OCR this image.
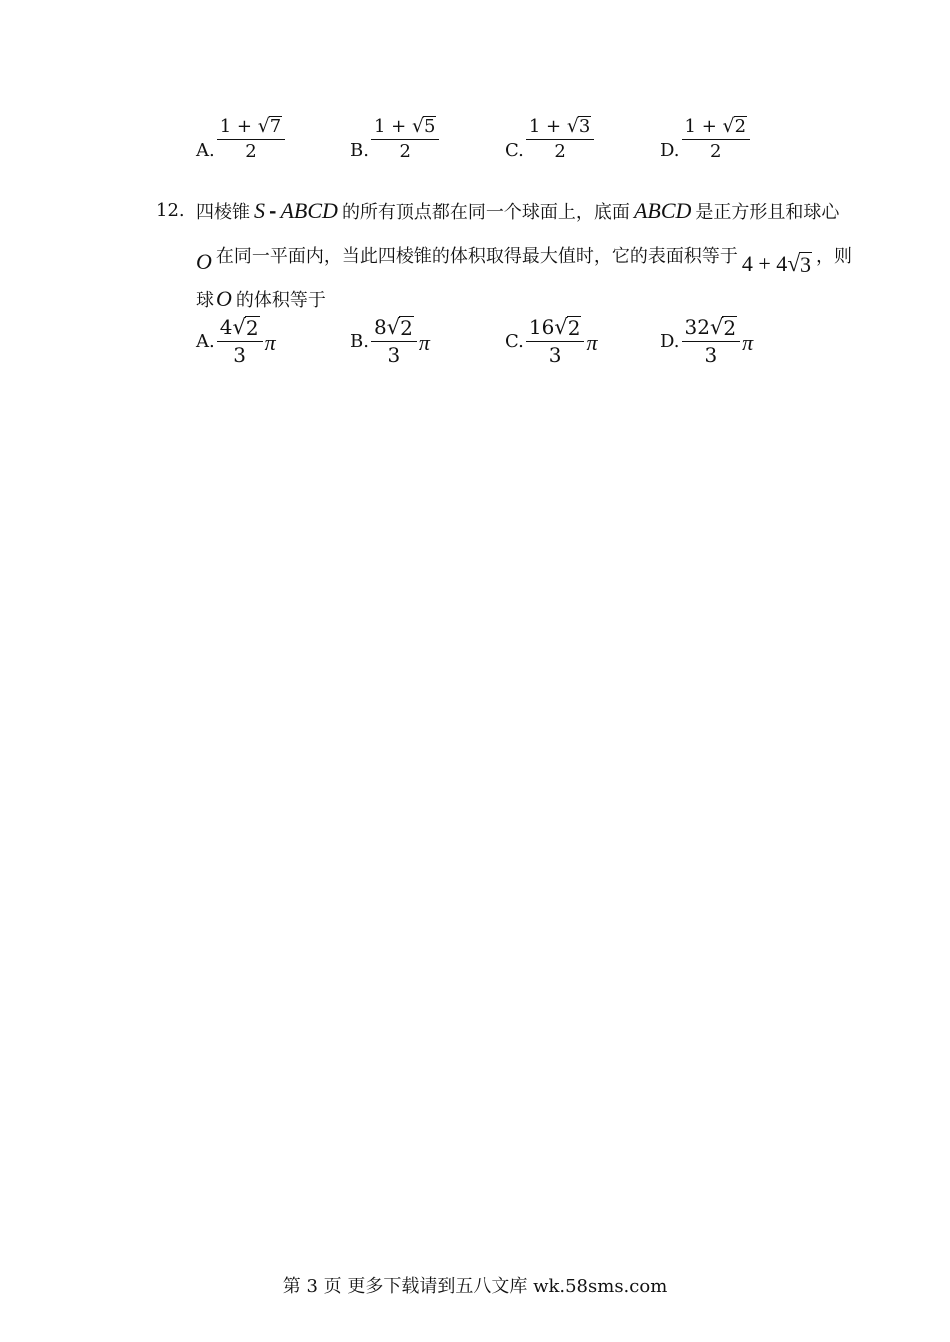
A. $\frac{1 + √ 7}{2}$	B. $\frac{1 + √ 5}{2}$	C. $\frac{1 + √ 3}{2}$	D. $\frac{1 + √ 2}{2}$
12. 四棱锥 S - ABCD 的所有顶点都在同一个球面上，底面 ABCD 是正方形且和球心
O 在同一平面内，当此四棱锥的体积取得最大值时，它的表面积等于 4 + 4 √ 3 ，则
球 O 的体积等于
A. $\frac{4 √ 2}{3}$ π	B. $\frac{8 √ 2}{3}$ π	C. $\frac{16 √ 2}{3}$ π	D. $\frac{32 √ 2}{3}$ π
第 3 页 更多下载请到五八文库 wk.58sms.com
